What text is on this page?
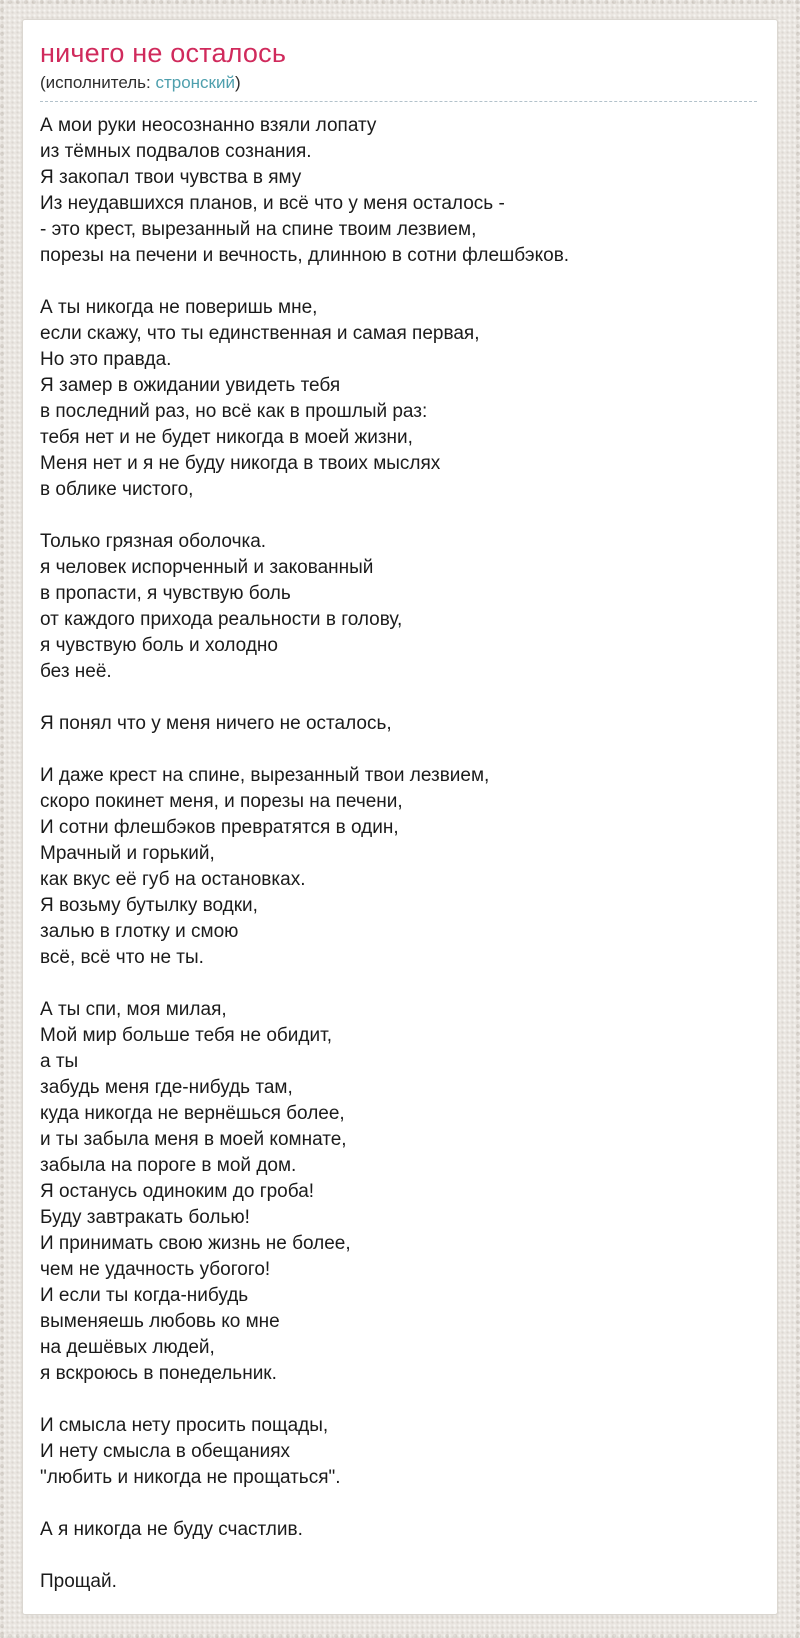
ничего не осталось
(исполнитель: стронский)

А мои руки неосознанно взяли лопату
из тёмных подвалов сознания.
Я закопал твои чувства в яму
Из неудавшихся планов, и всё что у меня осталось -
- это крест, вырезанный на спине твоим лезвием,
порезы на печени и вечность, длинною в сотни флешбэков.

А ты никогда не поверишь мне,
если скажу, что ты единственная и самая первая,
Но это правда.
Я замер в ожидании увидеть тебя
в последний раз, но всё как в прошлый раз:
тебя нет и не будет никогда в моей жизни,
Меня нет и я не буду никогда в твоих мыслях
в облике чистого,

Только грязная оболочка.
я человек испорченный и закованный
в пропасти, я чувствую боль
от каждого прихода реальности в голову,
я чувствую боль и холодно
без неё.

Я понял что у меня ничего не осталось,

И даже крест на спине, вырезанный твои лезвием,
скоро покинет меня, и порезы на печени,
И сотни флешбэков превратятся в один,
Мрачный и горький,
как вкус её губ на остановках.
Я возьму бутылку водки,
залью в глотку и смою
всё, всё что не ты.

А ты спи, моя милая,
Мой мир больше тебя не обидит,
а ты
забудь меня где-нибудь там,
куда никогда не вернёшься более,
и ты забыла меня в моей комнате,
забыла на пороге в мой дом.
Я останусь одиноким до гроба!
Буду завтракать болью!
И принимать свою жизнь не более,
чем не удачность убогого!
И если ты когда-нибудь
выменяешь любовь ко мне
на дешёвых людей,
я вскроюсь в понедельник.

И смысла нету просить пощады,
И нету смысла в обещаниях
"любить и никогда не прощаться".

А я никогда не буду счастлив.

Прощай.
